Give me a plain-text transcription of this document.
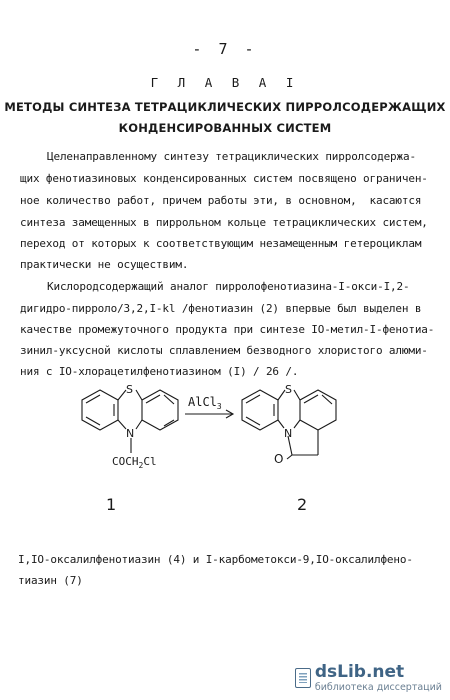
- 7 -
Г Л А В А I
МЕТОДЫ СИНТЕЗА ТЕТРАЦИКЛИЧЕСКИХ ПИРРОЛСОДЕРЖАЩИХ
КОНДЕНСИРОВАННЫХ СИСТЕМ
Целенаправленному синтезу тетрациклических пирролсодержа-
щих фенотиазиновых конденсированных систем посвящено ограничен-
ное количество работ, причем работы эти, в основном,  касаются
синтеза замещенных в пиррольном кольце тетрациклических систем,
переход от которых к соответствующим незамещенным гетероциклам
практически не осуществим.
Кислородсодержащий аналог пирролофенотиазина-I-окси-I,2-
дигидро-пирроло/3,2,I-kl /фенотиазин (2) впервые был выделен в
качестве промежуточного продукта при синтезе IO-метил-I-фенотиа-
зинил-уксусной кислоты сплавлением безводного хлористого алюми-
ния с IO-хлорацетилфенотиазином (I) / 26 /.
S
N
$COCH_2Cl$
AlCl$_3$
S
N
O
1	2
I,IO-оксалилфенотиазин (4) и I-карбометокси-9,IO-оксалилфено-
тиазин (7)
dsLib.net
библиотека диссертаций
